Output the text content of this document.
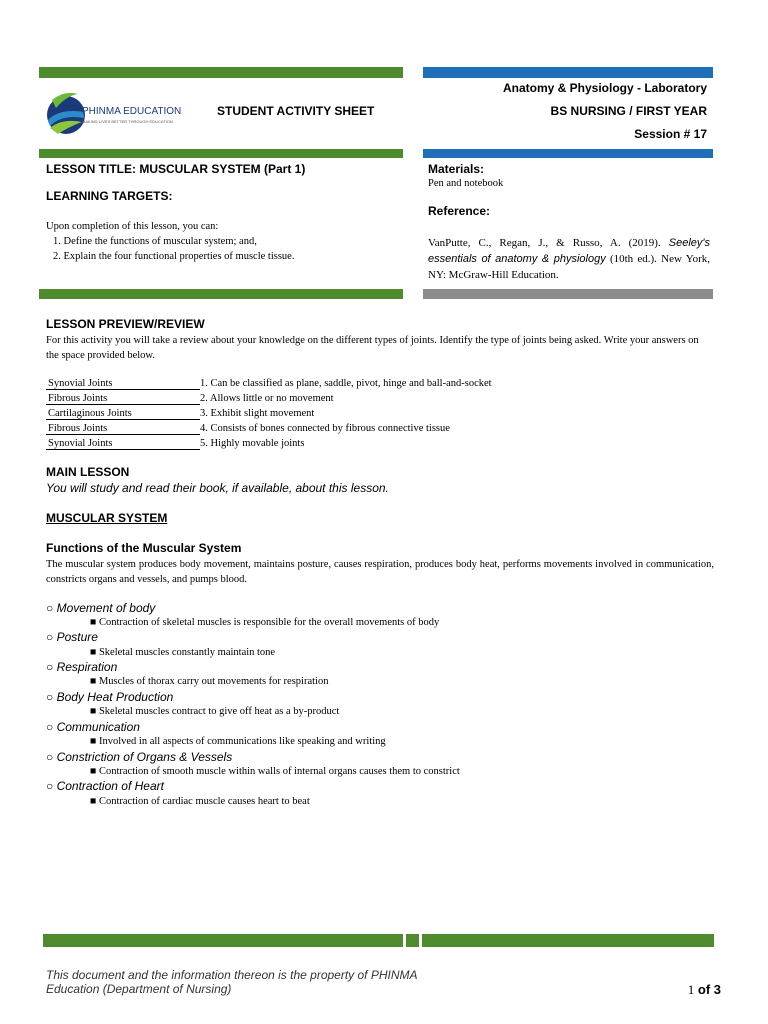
PHINMA EDUCATION
MAKING LIVES BETTER THROUGH EDUCATION
STUDENT ACTIVITY SHEET
Anatomy & Physiology - Laboratory
BS NURSING / FIRST YEAR
Session # 17
LESSON TITLE: MUSCULAR SYSTEM (Part 1)
LEARNING TARGETS:
Upon completion of this lesson, you can:
1. Define the functions of muscular system; and,
2. Explain the four functional properties of muscle tissue.
Materials:
Pen and notebook
Reference:
VanPutte, C., Regan, J., & Russo, A. (2019). Seeley's essentials of anatomy & physiology (10th ed.). New York, NY: McGraw-Hill Education.
LESSON PREVIEW/REVIEW
For this activity you will take a review about your knowledge on the different types of joints. Identify the type of joints being asked. Write your answers on the space provided below.
Synovial Joints	1. Can be classified as plane, saddle, pivot, hinge and ball-and-socket
Fibrous Joints	2. Allows little or no movement
Cartilaginous Joints	3. Exhibit slight movement
Fibrous Joints	4. Consists of bones connected by fibrous connective tissue
Synovial Joints	5. Highly movable joints
MAIN LESSON
You will study and read their book, if available, about this lesson.
MUSCULAR SYSTEM
Functions of the Muscular System
The muscular system produces body movement, maintains posture, causes respiration, produces body heat, performs movements involved in communication, constricts organs and vessels, and pumps blood.
○ Movement of body
■ Contraction of skeletal muscles is responsible for the overall movements of body
○ Posture
■ Skeletal muscles constantly maintain tone
○ Respiration
■ Muscles of thorax carry out movements for respiration
○ Body Heat Production
■ Skeletal muscles contract to give off heat as a by-product
○ Communication
■ Involved in all aspects of communications like speaking and writing
○ Constriction of Organs & Vessels
■ Contraction of smooth muscle within walls of internal organs causes them to constrict
○ Contraction of Heart
■ Contraction of cardiac muscle causes heart to beat
This document and the information thereon is the property of PHINMA Education (Department of Nursing)	1 of 3
